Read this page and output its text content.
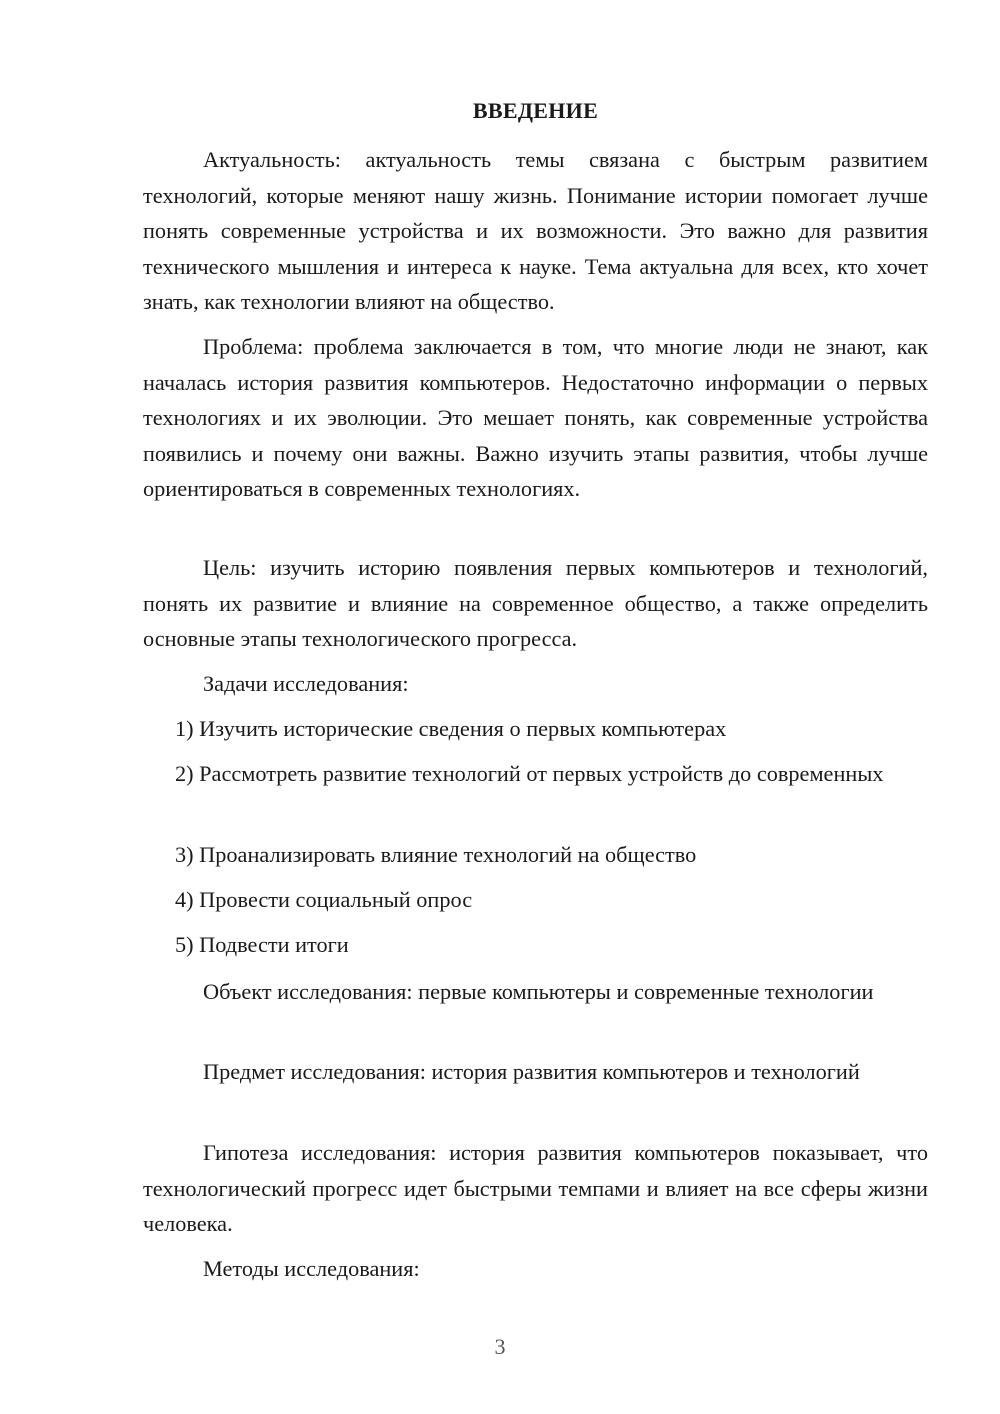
ВВЕДЕНИЕ

Актуальность: актуальность темы связана с быстрым развитием технологий, которые меняют нашу жизнь. Понимание истории помогает лучше понять современные устройства и их возможности. Это важно для развития технического мышления и интереса к науке. Тема актуальна для всех, кто хочет знать, как технологии влияют на общество.

Проблема: проблема заключается в том, что многие люди не знают, как началась история развития компьютеров. Недостаточно информации о первых технологиях и их эволюции. Это мешает понять, как современные устройства появились и почему они важны. Важно изучить этапы развития, чтобы лучше ориентироваться в современных технологиях.

Цель: изучить историю появления первых компьютеров и технологий, понять их развитие и влияние на современное общество, а также определить основные этапы технологического прогресса.

Задачи исследования:

1) Изучить исторические сведения о первых компьютерах

2) Рассмотреть развитие технологий от первых устройств до современных

3) Проанализировать влияние технологий на общество

4) Провести социальный опрос

5) Подвести итоги

Объект исследования: первые компьютеры и современные технологии

Предмет исследования: история развития компьютеров и технологий

Гипотеза исследования: история развития компьютеров показывает, что технологический прогресс идет быстрыми темпами и влияет на все сферы жизни человека.

Методы исследования:

3
